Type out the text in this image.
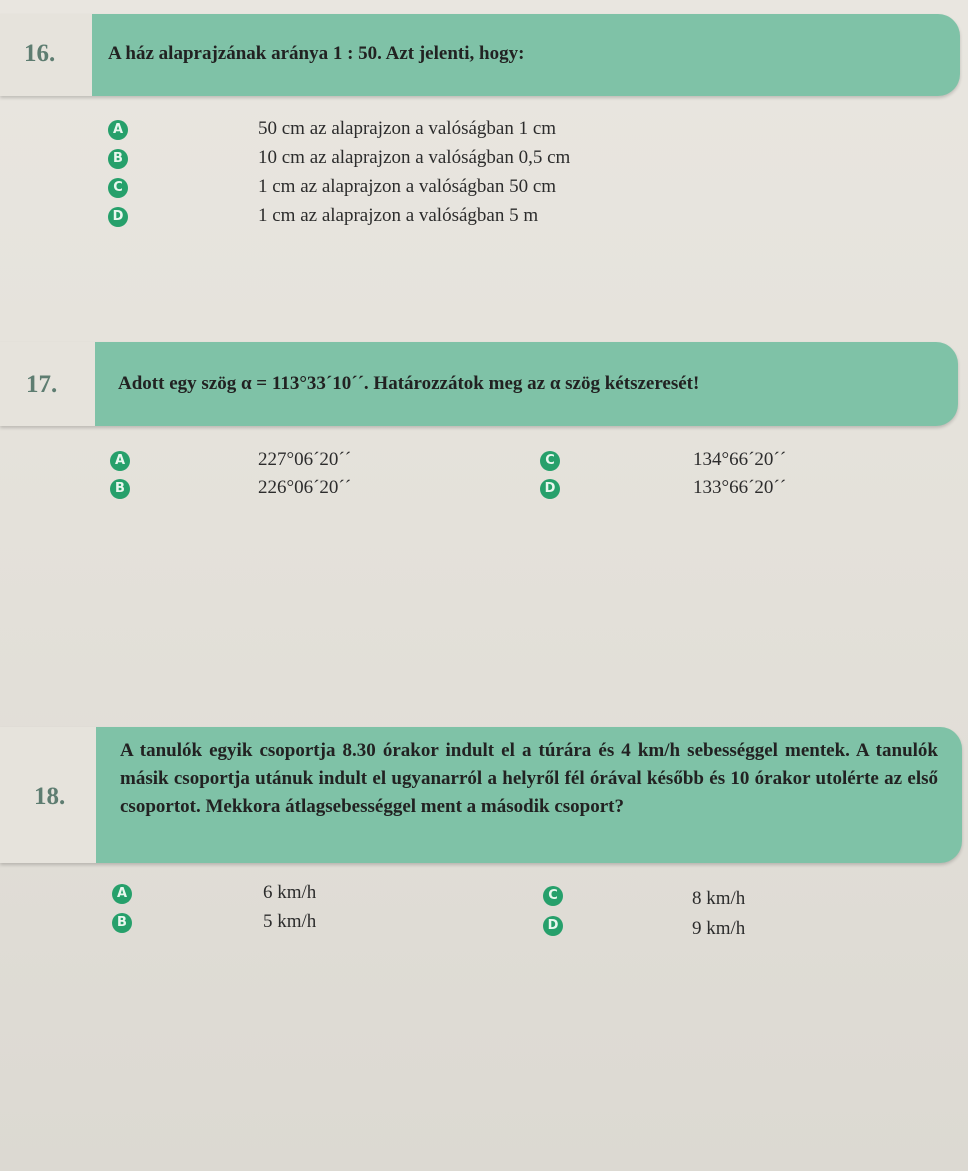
16.	A ház alaprajzának aránya 1 : 50. Azt jelenti, hogy:
A	50 cm az alaprajzon a valóságban 1 cm
B	10 cm az alaprajzon a valóságban 0,5 cm
C	1 cm az alaprajzon a valóságban 50 cm
D	1 cm az alaprajzon a valóságban 5 m
17.	Adott egy szög α = 113°33´10´´. Határozzátok meg az α szög kétszeresét!
A	227°06´20´´
B	226°06´20´´
C	134°66´20´´
D	133°66´20´´
18.
A tanulók egyik csoportja 8.30 órakor indult el a túrára és 4 km/h sebességgel mentek. A tanulók másik csoportja utánuk indult el ugyanarról a helyről fél órával később és 10 órakor utolérte az első csoportot. Mekkora átlagsebességgel ment a második csoport?
A	6 km/h
B	5 km/h
C	8 km/h
D	9 km/h
